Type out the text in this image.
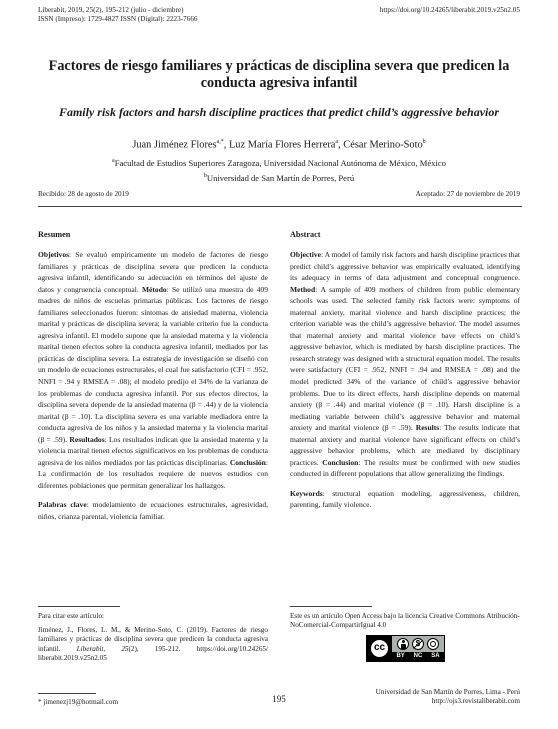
Liberabit, 2019, 25(2), 195-212 (julio - diciembre)
ISSN (Impreso): 1729-4827 ISSN (Digital): 2223-7666
https://doi.org/10.24265/liberabit.2019.v25n2.05
Factores de riesgo familiares y prácticas de disciplina severa que predicen la conducta agresiva infantil
Family risk factors and harsh discipline practices that predict child’s aggressive behavior
Juan Jiménez Flores$^{a,*}$, Luz María Flores Herrera$^a$, César Merino-Soto$^b$
$^a$Facultad de Estudios Superiores Zaragoza, Universidad Nacional Autónoma de México, México
$^b$Universidad de San Martín de Porres, Perú
Recibido: 28 de agosto de 2019	Aceptado: 27 de noviembre de 2019
Resumen
Objetivos: Se evaluó empíricamente un modelo de factores de riesgo familiares y prácticas de disciplina severa que predicen la conducta agresiva infantil, identificando su adecuación en términos del ajuste de datos y congruencia conceptual. Método: Se utilizó una muestra de 409 madres de niños de escuelas primarias públicas. Los factores de riesgo familiares seleccionados fueron: síntomas de ansiedad materna, violencia marital y prácticas de disciplina severa; la variable criterio fue la conducta agresiva infantil. El modelo supone que la ansiedad materna y la violencia marital tienen efectos sobre la conducta agresiva infantil, mediados por las prácticas de disciplina severa. La estrategia de investigación se diseñó con un modelo de ecuaciones estructurales, el cual fue satisfactorio (CFI = .952, NNFI = .94 y RMSEA = .08); el modelo predijo el 34% de la varianza de los problemas de conducta agresiva infantil. Por sus efectos directos, la disciplina severa depende de la ansiedad materna (β = .44) y de la violencia marital (β = .10). La disciplina severa es una variable mediadora entre la conducta agresiva de los niños y la ansiedad materna y la violencia marital (β = .59). Resultados: Los resultados indican que la ansiedad materna y la violencia marital tienen efectos significativos en los problemas de conducta agresiva de los niños mediados por las prácticas disciplinarias. Conclusión: La confirmación de los resultados requiere de nuevos estudios con diferentes poblaciones que permitan generalizar los hallazgos.
Palabras clave: modelamiento de ecuaciones estructurales, agresividad, niños, crianza parental, violencia familiar.
Abstract
Objective: A model of family risk factors and harsh discipline practices that predict child’s aggressive behavior was empirically evaluated, identifying its adequacy in terms of data adjustment and conceptual congruence. Method: A sample of 409 mothers of children from public elementary schools was used. The selected family risk factors were: symptoms of maternal anxiety, marital violence and harsh discipline practices; the criterion variable was the child’s aggressive behavior. The model assumes that maternal anxiety and marital violence have effects on child’s aggressive behavior, which is mediated by harsh discipline practices. The research strategy was designed with a structural equation model. The results were satisfactory (CFI = .952, NNFI = .94 and RMSEA = .08) and the model predicted 34% of the variance of child’s aggressive behavior problems. Due to its direct effects, harsh discipline depends on maternal anxiety (β = .44) and marital violence (β = .10). Harsh discipline is a mediating variable between child’s aggressive behavior and maternal anxiety and marital violence (β = .59). Results: The results indicate that maternal anxiety and marital violence have significant effects on child’s aggressive behavior problems, which are mediated by disciplinary practices. Conclusion: The results must be confirmed with new studies conducted in different populations that allow generalizing the findings.
Keywords: structural equation modeling, aggressiveness, children, parenting, family violence.
Para citar este artículo:
Jiménez, J., Flores, L. M., & Merino-Soto, C. (2019). Factores de riesgo familiares y prácticas de disciplina severa que predicen la conducta agresiva infantil. Liberabit, 25(2), 195-212. https://doi.org/10.24265/ liberabit.2019.v25n2.05
Este es un artículo Open Access bajo la licencia Creative Commons Atribución-NoComercial-CompartirIgual 4.0
cc
BY NC SA
* jimenezj19@hotmail.com	195
Universidad de San Martín de Porres, Lima - Perú
http://ojs3.revistaliberabit.com
